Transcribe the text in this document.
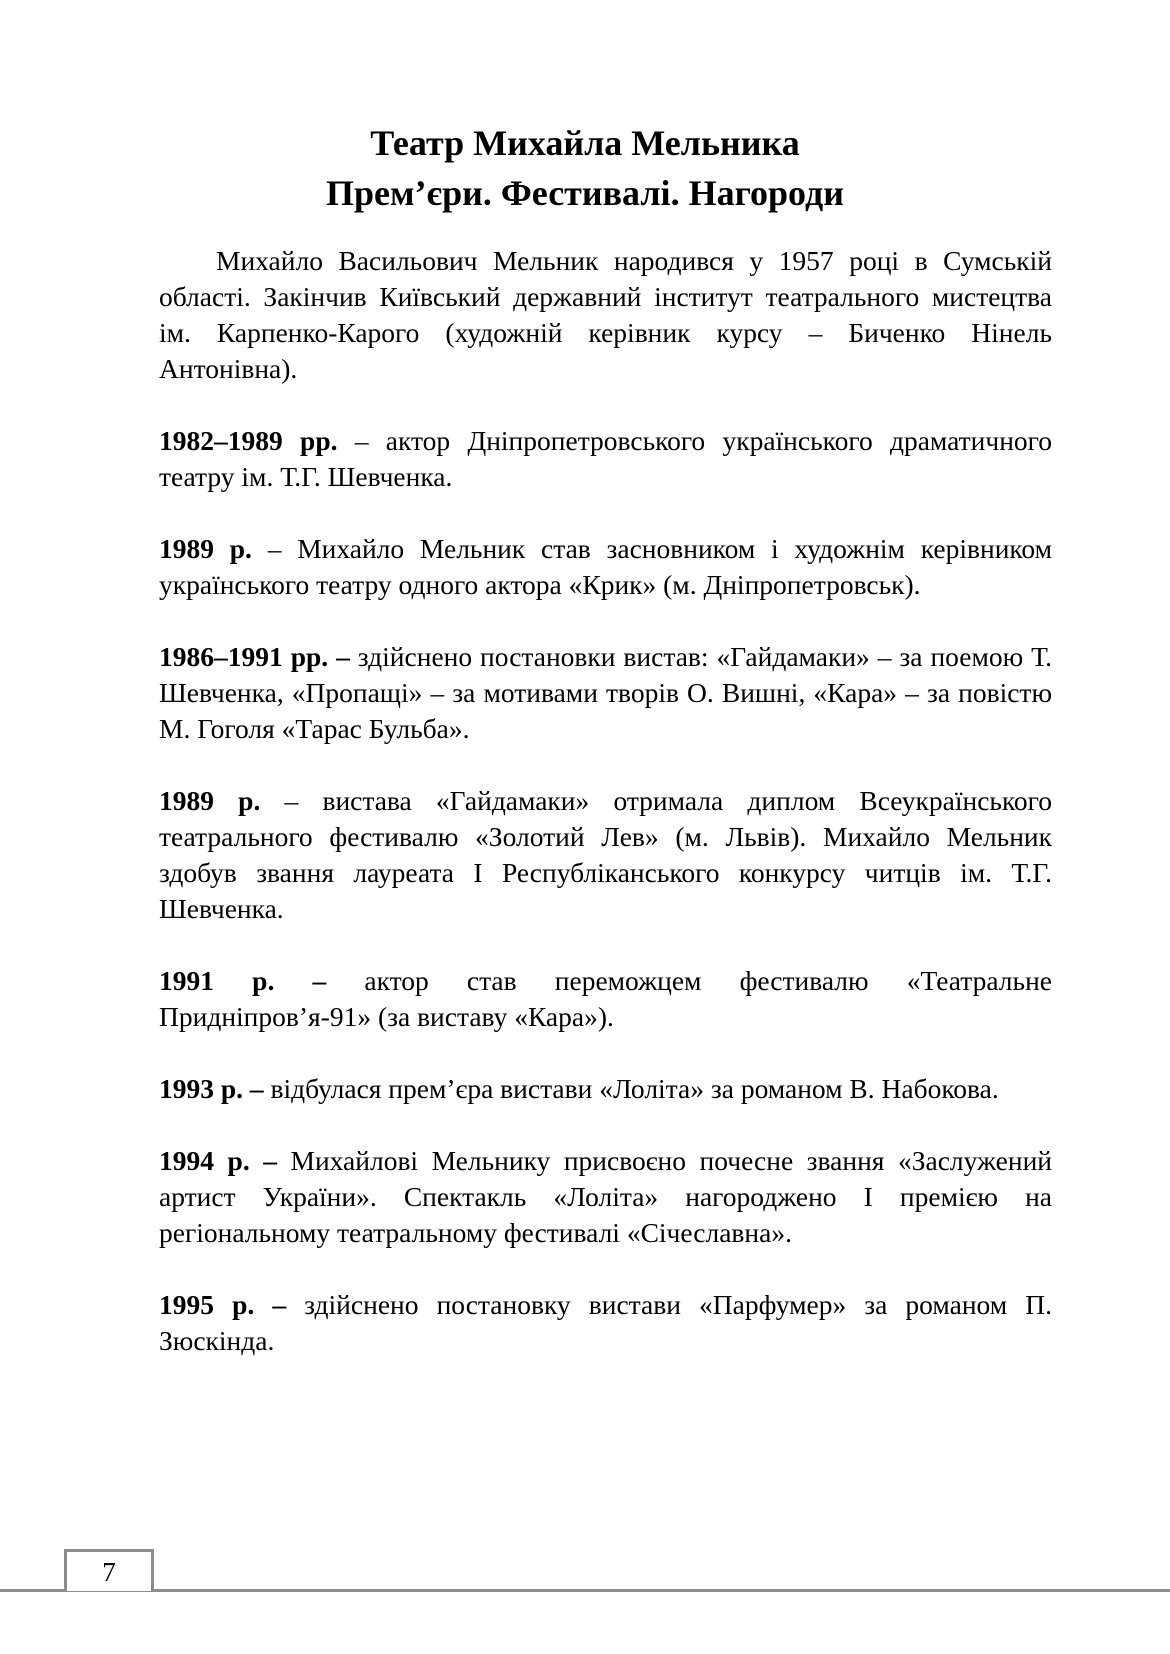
Театр Михайла Мельника
Прем’єри. Фестивалі. Нагороди

Михайло Васильович Мельник народився у 1957 році в Сумській області. Закінчив Київський державний інститут театрального мистецтва ім. Карпенко-Карого (художній керівник курсу – Биченко Нінель Антонівна).

1982–1989 рр. – актор Дніпропетровського українського драматичного театру ім. Т.Г. Шевченка.

1989 р. – Михайло Мельник став засновником і художнім керівником українського театру одного актора «Крик» (м. Дніпропетровськ).

1986–1991 рр. – здійснено постановки вистав: «Гайдамаки» – за поемою Т. Шевченка, «Пропащі» – за мотивами творів О. Вишні, «Кара» – за повістю М. Гоголя «Тарас Бульба».

1989 р. – вистава «Гайдамаки» отримала диплом Всеукраїнського театрального фестивалю «Золотий Лев» (м. Львів). Михайло Мельник здобув звання лауреата І Республіканського конкурсу читців ім. Т.Г. Шевченка.

1991 р. – актор став переможцем фестивалю «Театральне Придніпров’я-91» (за виставу «Кара»).

1993 р. – відбулася прем’єра вистави «Лоліта» за романом В. Набокова.

1994 р. – Михайлові Мельнику присвоєно почесне звання «Заслужений артист України». Спектакль «Лоліта» нагороджено І премією на регіональному театральному фестивалі «Січеславна».

1995 р. – здійснено постановку вистави «Парфумер» за романом П. Зюскінда.

7
